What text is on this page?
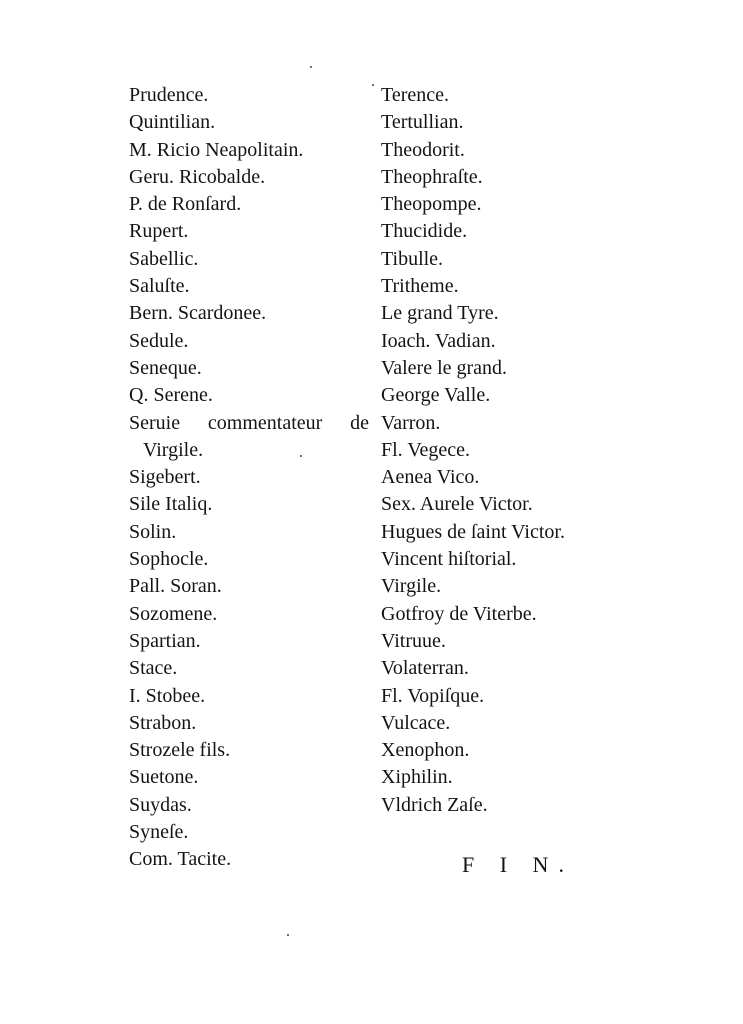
Prudence.
Quintilian.
M. Ricio Neapolitain.
Geru. Ricobalde.
P. de Ronſard.
Rupert.
Sabellic.
Saluſte.
Bern. Scardonee.
Sedule.
Seneque.
Q. Serene.
Seruie commentateur de
Virgile.
Sigebert.
Sile Italiq.
Solin.
Sophocle.
Pall. Soran.
Sozomene.
Spartian.
Stace.
I. Stobee.
Strabon.
Strozele fils.
Suetone.
Suydas.
Syneſe.
Com. Tacite.
Terence.
Tertullian.
Theodorit.
Theophraſte.
Theopompe.
Thucidide.
Tibulle.
Tritheme.
Le grand Tyre.
Ioach. Vadian.
Valere le grand.
George Valle.
Varron.
Fl. Vegece.
Aenea Vico.
Sex. Aurele Victor.
Hugues de ſaint Victor.
Vincent hiſtorial.
Virgile.
Gotfroy de Viterbe.
Vitruue.
Volaterran.
Fl. Vopiſque.
Vulcace.
Xenophon.
Xiphilin.
Vldrich Zaſe.
F I N.
